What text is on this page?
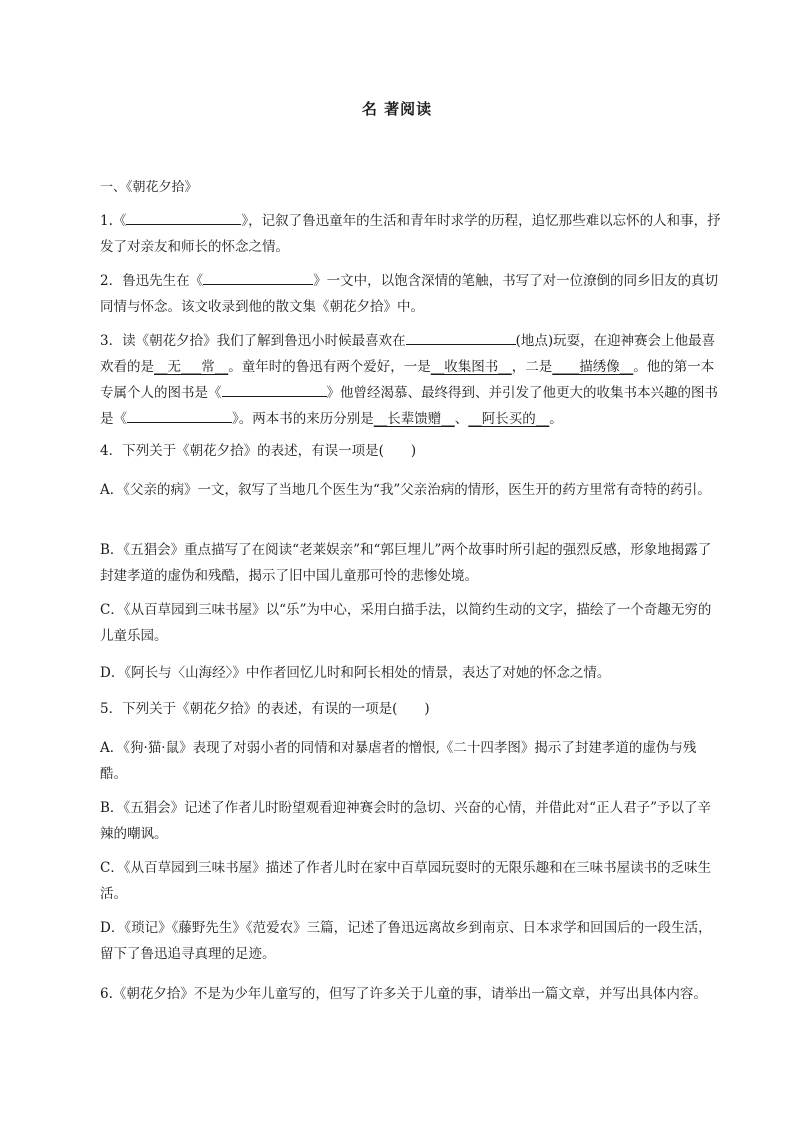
名 著阅读
一、《朝花夕拾》

1.《	》，记叙了鲁迅童年的生活和青年时求学的历程，追忆那些难以忘怀的人和事，抒发了对亲友和师长的怀念之情。

2．鲁迅先生在《	》一文中，以饱含深情的笔触，书写了对一位潦倒的同乡旧友的真切同情与怀念。该文收录到他的散文集《朝花夕拾》中。

3．读《朝花夕拾》我们了解到鲁迅小时候最喜欢在	(地点)玩耍，在迎神赛会上他最喜欢看的是__无___常__。童年时的鲁迅有两个爱好，一是__收集图书__，二是____描绣像__。他的第一本专属个人的图书是《	》他曾经渴慕、最终得到、并引发了他更大的收集书本兴趣的图书是《	》。两本书的来历分别是__长辈馈赠__、__阿长买的__。

4．下列关于《朝花夕拾》的表述，有误一项是(　　)

A．《父亲的病》一文，叙写了当地几个医生为“我”父亲治病的情形，医生开的药方里常有奇特的药引。

B．《五猖会》重点描写了在阅读“老莱娱亲”和“郭巨埋儿”两个故事时所引起的强烈反感，形象地揭露了封建孝道的虚伪和残酷，揭示了旧中国儿童那可怜的悲惨处境。

C．《从百草园到三味书屋》以“乐”为中心，采用白描手法，以简约生动的文字，描绘了一个奇趣无穷的儿童乐园。

D．《阿长与〈山海经〉》中作者回忆儿时和阿长相处的情景，表达了对她的怀念之情。

5．下列关于《朝花夕拾》的表述，有误的一项是(　　)

A．《狗·猫·鼠》表现了对弱小者的同情和对暴虐者的憎恨,《二十四孝图》揭示了封建孝道的虚伪与残酷。

B．《五猖会》记述了作者儿时盼望观看迎神赛会时的急切、兴奋的心情，并借此对“正人君子”予以了辛辣的嘲讽。

C．《从百草园到三味书屋》描述了作者儿时在家中百草园玩耍时的无限乐趣和在三味书屋读书的乏味生活。

D．《琐记》《藤野先生》《范爱农》三篇，记述了鲁迅远离故乡到南京、日本求学和回国后的一段生活，留下了鲁迅追寻真理的足迹。

6.《朝花夕拾》不是为少年儿童写的，但写了许多关于儿童的事，请举出一篇文章，并写出具体内容。
